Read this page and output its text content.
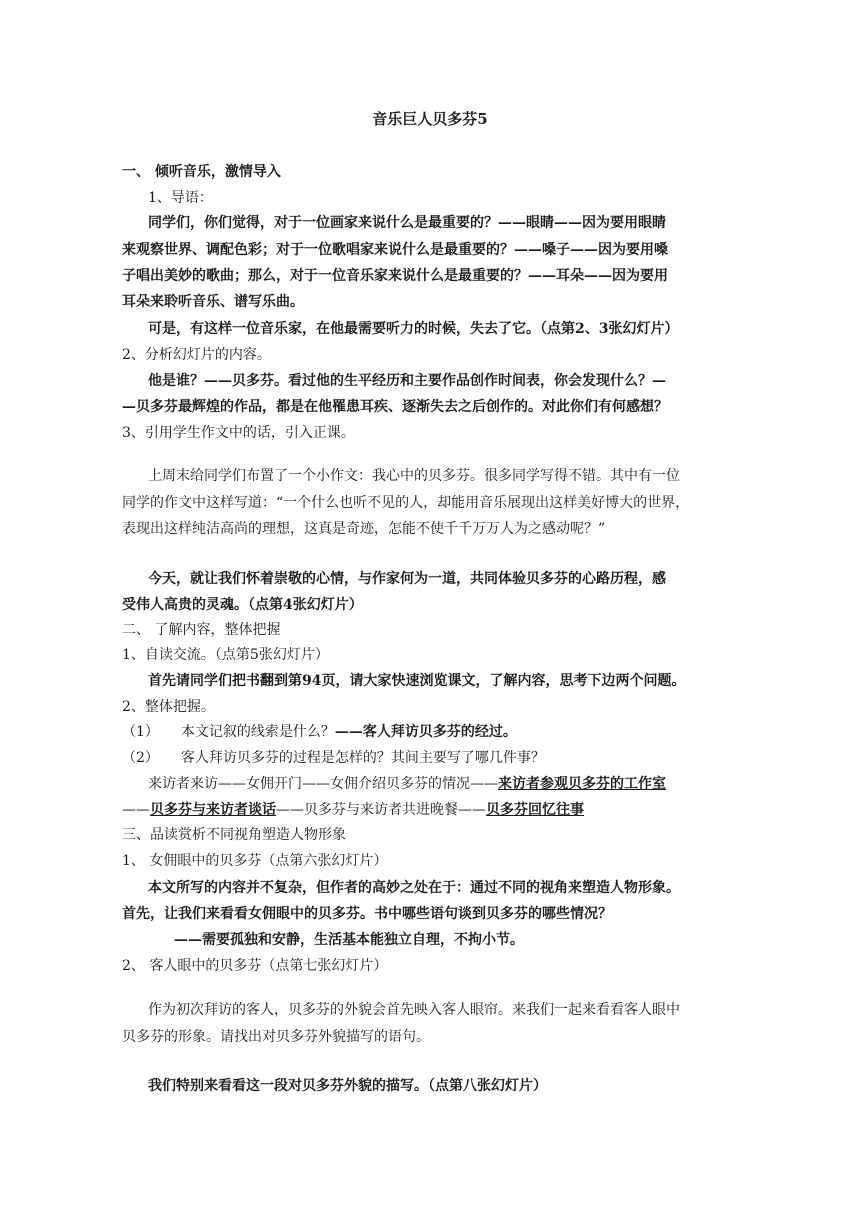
音乐巨人贝多芬5
一、 倾听音乐，激情导入
1、导语：
同学们，你们觉得，对于一位画家来说什么是最重要的？——眼睛——因为要用眼睛
来观察世界、调配色彩；对于一位歌唱家来说什么是最重要的？——嗓子——因为要用嗓
子唱出美妙的歌曲；那么，对于一位音乐家来说什么是最重要的？——耳朵——因为要用
耳朵来聆听音乐、谱写乐曲。
可是，有这样一位音乐家，在他最需要听力的时候，失去了它。（点第2、3张幻灯片）
2、分析幻灯片的内容。
他是谁？——贝多芬。看过他的生平经历和主要作品创作时间表，你会发现什么？—
—贝多芬最辉煌的作品，都是在他罹患耳疾、逐渐失去之后创作的。对此你们有何感想？
3、引用学生作文中的话，引入正课。
上周末给同学们布置了一个小作文：我心中的贝多芬。很多同学写得不错。其中有一位
同学的作文中这样写道：“一个什么也听不见的人，却能用音乐展现出这样美好博大的世界，
表现出这样纯洁高尚的理想，这真是奇迹，怎能不使千千万万人为之感动呢？”
今天，就让我们怀着崇敬的心情，与作家何为一道，共同体验贝多芬的心路历程，感
受伟人高贵的灵魂。（点第4张幻灯片）
二、 了解内容，整体把握
1、自读交流。（点第5张幻灯片）
首先请同学们把书翻到第94页，请大家快速浏览课文，了解内容，思考下边两个问题。
2、整体把握。
（1） 本文记叙的线索是什么？——客人拜访贝多芬的经过。
（2） 客人拜访贝多芬的过程是怎样的？其间主要写了哪几件事？
来访者来访——女佣开门——女佣介绍贝多芬的情况——来访者参观贝多芬的工作室
——贝多芬与来访者谈话——贝多芬与来访者共进晚餐——贝多芬回忆往事
三、品读赏析不同视角塑造人物形象
1、 女佣眼中的贝多芬（点第六张幻灯片）
本文所写的内容并不复杂，但作者的高妙之处在于：通过不同的视角来塑造人物形象。
首先，让我们来看看女佣眼中的贝多芬。书中哪些语句谈到贝多芬的哪些情况？
——需要孤独和安静，生活基本能独立自理，不拘小节。
2、 客人眼中的贝多芬（点第七张幻灯片）
作为初次拜访的客人，贝多芬的外貌会首先映入客人眼帘。来我们一起来看看客人眼中
贝多芬的形象。请找出对贝多芬外貌描写的语句。
我们特别来看看这一段对贝多芬外貌的描写。（点第八张幻灯片）
